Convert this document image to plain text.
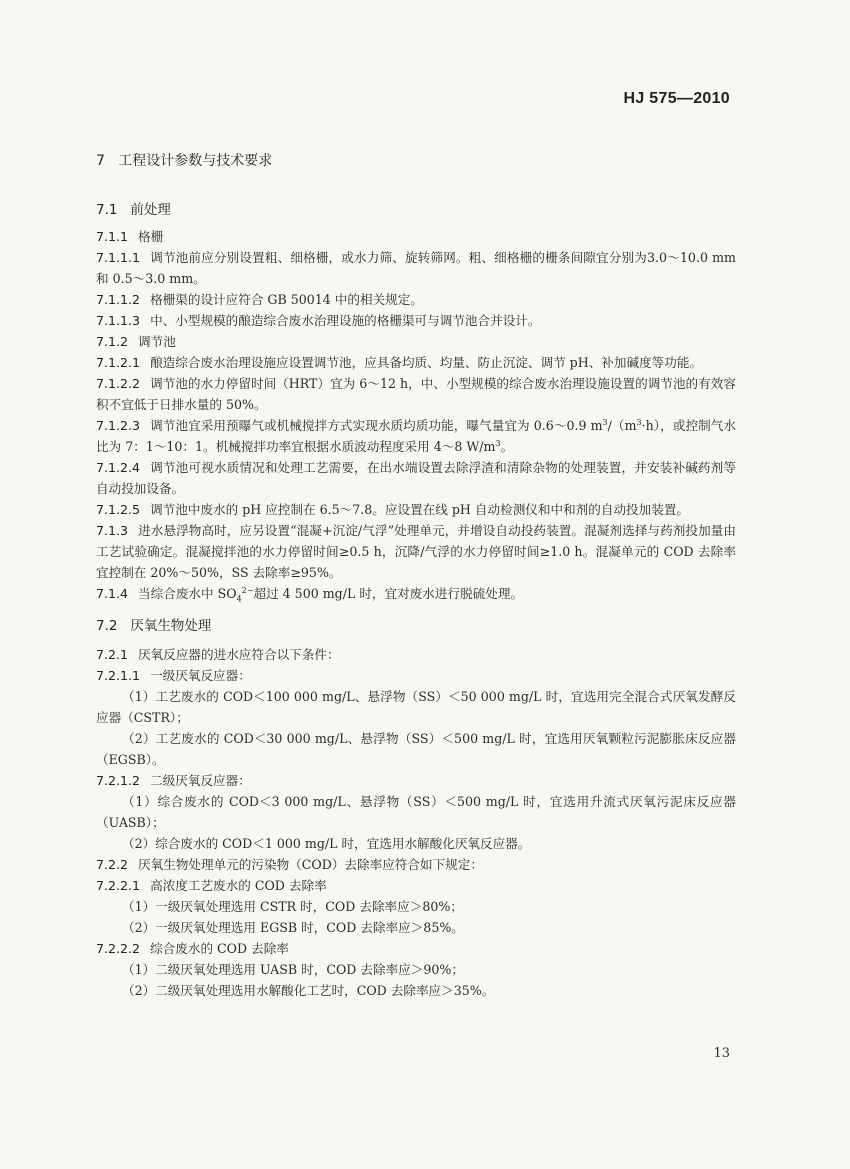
HJ 575—2010
7   工程设计参数与技术要求
7.1   前处理

7.1.1 格栅

7.1.1.1 调节池前应分别设置粗、细格栅，或水力筛、旋转筛网。粗、细格栅的栅条间隙宜分别为3.0～10.0 mm 和 0.5～3.0 mm。

7.1.1.2 格栅渠的设计应符合 GB 50014 中的相关规定。

7.1.1.3 中、小型规模的酿造综合废水治理设施的格栅渠可与调节池合并设计。

7.1.2 调节池

7.1.2.1 酿造综合废水治理设施应设置调节池，应具备均质、均量、防止沉淀、调节 pH、补加碱度等功能。

7.1.2.2 调节池的水力停留时间（HRT）宜为 6～12 h，中、小型规模的综合废水治理设施设置的调节池的有效容积不宜低于日排水量的 50%。

7.1.2.3 调节池宜采用预曝气或机械搅拌方式实现水质均质功能，曝气量宜为 0.6～0.9 $m^3/(m^3\cdot h)$，或控制气水比为 7：1～10：1。机械搅拌功率宜根据水质波动程度采用 4～8 $W/m^3$。

7.1.2.4 调节池可视水质情况和处理工艺需要，在出水端设置去除浮渣和清除杂物的处理装置，并安装补碱药剂等自动投加设备。

7.1.2.5 调节池中废水的 pH 应控制在 6.5～7.8。应设置在线 pH 自动检测仪和中和剂的自动投加装置。

7.1.3 进水悬浮物高时，应另设置“混凝+沉淀/气浮”处理单元，并增设自动投药装置。混凝剂选择与药剂投加量由工艺试验确定。混凝搅拌池的水力停留时间≥0.5 h，沉降/气浮的水力停留时间≥1.0 h。混凝单元的 COD 去除率宜控制在 20%～50%，SS 去除率≥95%。

7.1.4 当综合废水中 $SO_4^{2-}$超过 4 500 mg/L 时，宜对废水进行脱硫处理。

7.2   厌氧生物处理

7.2.1 厌氧反应器的进水应符合以下条件：

7.2.1.1 一级厌氧反应器：

（1）工艺废水的 COD＜100 000 mg/L、悬浮物（SS）＜50 000 mg/L 时，宜选用完全混合式厌氧发酵反应器（CSTR）；

（2）工艺废水的 COD＜30 000 mg/L、悬浮物（SS）＜500 mg/L 时，宜选用厌氧颗粒污泥膨胀床反应器（EGSB）。

7.2.1.2 二级厌氧反应器：

（1）综合废水的 COD＜3 000 mg/L、悬浮物（SS）＜500 mg/L 时，宜选用升流式厌氧污泥床反应器（UASB）；

（2）综合废水的 COD＜1 000 mg/L 时，宜选用水解酸化厌氧反应器。

7.2.2 厌氧生物处理单元的污染物（COD）去除率应符合如下规定：

7.2.2.1 高浓度工艺废水的 COD 去除率

（1）一级厌氧处理选用 CSTR 时，COD 去除率应＞80%；

（2）一级厌氧处理选用 EGSB 时，COD 去除率应＞85%。

7.2.2.2 综合废水的 COD 去除率

（1）二级厌氧处理选用 UASB 时，COD 去除率应＞90%；

（2）二级厌氧处理选用水解酸化工艺时，COD 去除率应＞35%。

13
